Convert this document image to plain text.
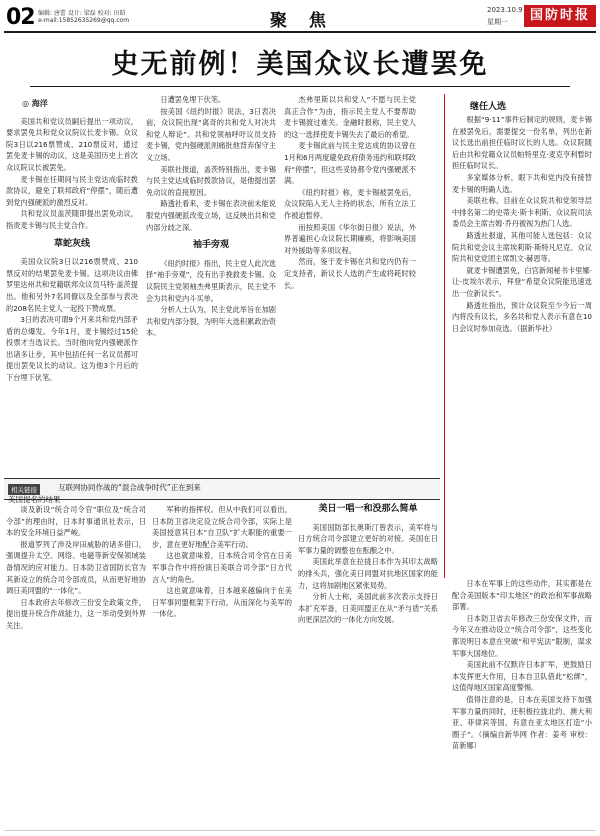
02 编辑: 唐蕾 设计: 梁磊 校对: 田昭
e-mail:15852635269@qq.com	聚 焦
2023.10.9
星期一	国防时报
史无前例！美国众议长遭罢免
◎ 海洋

美国共和党议员嗣后提出一项动议，要求罢免共和党众议院议长麦卡锡。众议院3日以216票赞成、210票反对，通过罢免麦卡锡的动议，这是美国历史上首次众议院议长被罢免。

麦卡锡在任期间与民主党达成临时拨款协议，避免了联邦政府“停摆”，随后遭到党内强硬派的激烈反对。

共和党议员盖茨随即提出罢免动议，指责麦卡锡与民主党合作。

草蛇灰线

美国众议院3日以216票赞成、210票反对的结果罢免麦卡锡。这项决议由佛罗里达州共和党籍联邦众议员马特·盖茨提出。他和另外7名同僚以及全部参与表决的208名民主党人一起投下赞成票。

3日的表决可谓9个月来共和党内部矛盾的总爆发。今年1月，麦卡锡经过15轮投票才当选议长。当时他向党内强硬派作出诸多让步，其中包括任何一名议员都可提出罢免议长的动议。这为他3个月后的下台埋下伏笔。

日遭罢免埋下伏笔。

按美国《纽约时报》说法，3日表决前，众议院出现“离奇的共和党人对决共和党人辩论”。共和党领袖呼吁议员支持麦卡锡，党内强硬派则痛批他背弃保守主义立场。

美联社报道，盖茨特别指出，麦卡锡与民主党达成临时拨款协议，是他提出罢免动议的直接原因。

路透社看来，麦卡锡在表决前未能说服党内强硬派改变立场，这反映出共和党内部分歧之深。

袖手旁观

《纽约时报》指出，民主党人此次选择“袖手旁观”，没有出手挽救麦卡锡。众议院民主党领袖杰弗里斯表示，民主党不会为共和党内斗买单。

分析人士认为，民主党此举旨在加剧共和党内部分裂，为明年大选积累政治资本。

杰弗里斯以共和党人“不愿与民主党真正合作”为由，指示民主党人不要帮助麦卡锡渡过难关。金融时报称，民主党人的这一选择使麦卡锡失去了最后的希望。

麦卡锡此前与民主党达成的协议曾在1月和6月两度避免政府债务违约和联邦政府“停摆”，但这些妥协都令党内强硬派不满。

《纽约时报》称，麦卡锡被罢免后，众议院陷入无人主持的状态，所有立法工作被迫暂停。

而按照美国《华尔街日报》说法，外界普遍担心众议院长期瘫痪，将影响美国对外援助等多项议程。

然而，鉴于麦卡锡在共和党内仍有一定支持者，新议长人选的产生或将耗时较长。

继任人选

根据“9·11”事件后制定的规则，麦卡锡在被罢免后，需要提交一份名单，列出在新议长选出前担任临时议长的人选。众议院随后由共和党籍众议员帕特里克·麦克亨利暂时担任临时议长。

多家媒体分析，眼下共和党内没有接替麦卡锡的明确人选。

美联社称，目前在众议院共和党领导层中排名第二的史蒂夫·斯卡利斯、众议院司法委员会主席吉姆·乔丹被视为热门人选。

路透社报道，其他可能人选包括：众议院共和党会议主席埃莉斯·斯特凡尼克、众议院共和党党团主席凯文·赫恩等。

就麦卡锡遭罢免，白宫新闻秘书卡里娜·让-皮埃尔表示，拜登“希望众议院能迅速选出一位新议长”。

路透社指出，预计众议院至少今后一周内将没有议长，多名共和党人表示有意在10日会议时参加竞选。（据新华社）

相关链接	互联网协同作战的“混合战争时代”正在到来
美国提名的结果

谈及新设“统合司令官”职位及“统合司令部”的理由时，日本时事通讯社表示，日本的安全环境日益严峻。

报道罗列了涉及岸田威胁的诸多借口，强调提升太空、网络、电磁等新安保领域装备情况的应对能力。日本防卫省国防长官为其新设立的统合司令部成员，从而更好地协调日美同盟的“一体化”。

日本政府去年修改三份安全政策文件，提出提升统合作战能力，这一举动受到外界关注。

军种的指挥权。但从中我们可以看出，日本防卫省决定设立统合司令部，实际上是美国授意其日本“自卫队”扩大职能的重要一步，意在更好地配合美军行动。

这也就意味着，日本统合司令官在日美军事合作中将扮演日美联合司令部“日方代言人”的角色。

这也就意味着，日本越来越偏向于在美日军事同盟框架下行动，从而深化与美军的一体化。

美日一唱一和没那么简单

美国国防部长奥斯汀曾表示，美军将与日方统合司令部建立更好的对接。美国在日军事力量的调整也在酝酿之中。

美国此举意在拉拢日本作为其印太战略的排头兵，强化美日同盟对抗地区国家的能力，这将加剧地区紧张局势。

分析人士称，美国此前多次表示支持日本扩充军备，日美同盟正在从“矛与盾”关系向更深层次的一体化方向发展。

日本在军事上的这些动作，其实都是在配合美国版本“印太地区”的政治和军事战略部署。

日本防卫省去年修改三份安保文件，而今年又在推动设立“统合司令部”，这些变化都说明日本意在突破“和平宪法”限制，谋求军事大国地位。

美国此前不仅默许日本扩军，更鼓励日本发挥更大作用，日本自卫队借此“松绑”，这值得地区国家高度警惕。

值得注意的是，日本在美国支持下加强军事力量的同时，还积极拉拢北约、澳大利亚、菲律宾等国，有意在亚太地区打造“小圈子”。（摘编自新华网 作者：姜考 审校：苗新娜）
